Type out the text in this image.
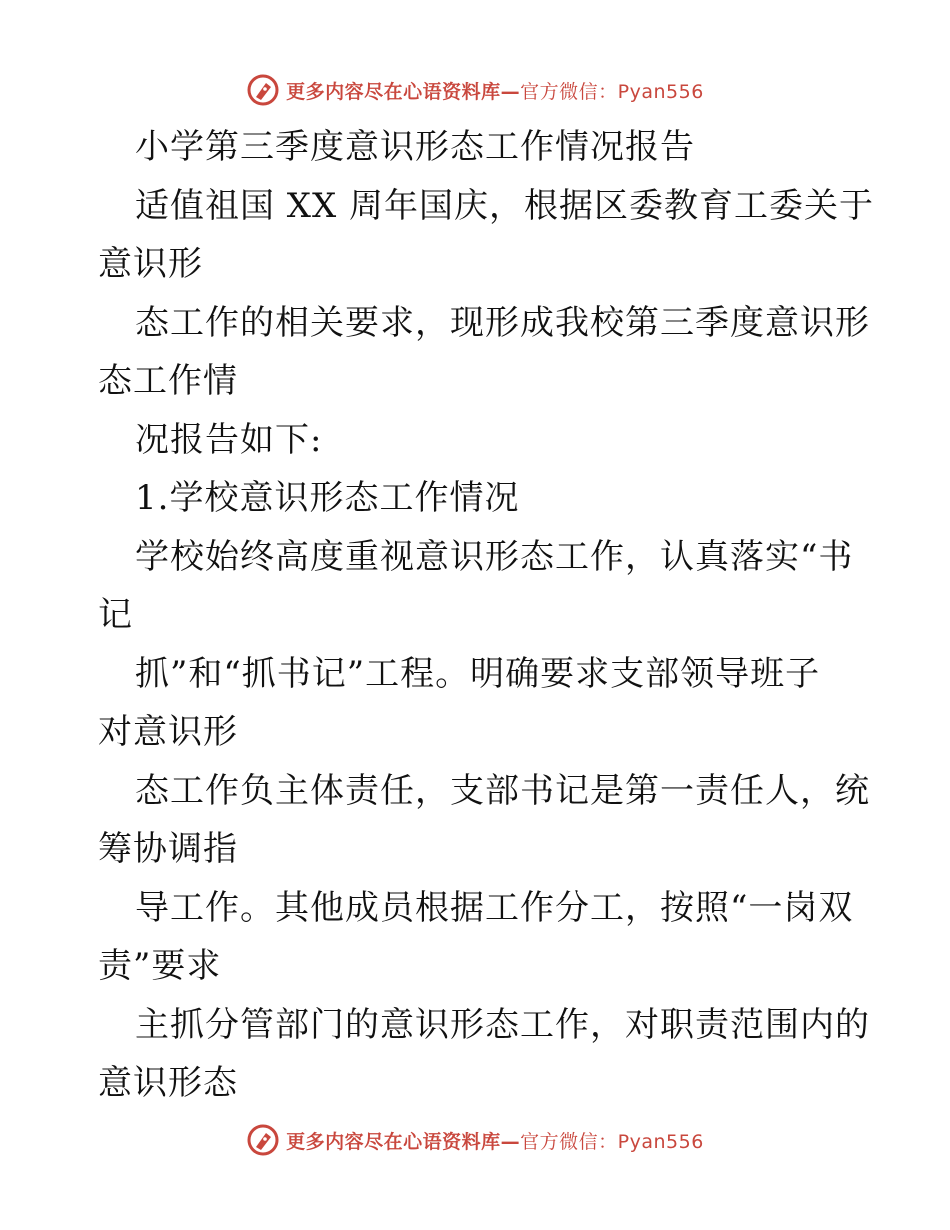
更多内容尽在心语资料库—官方微信：Pyan556
小学第三季度意识形态工作情况报告
适值祖国 XX 周年国庆，根据区委教育工委关于
意识形
态工作的相关要求，现形成我校第三季度意识形
态工作情
况报告如下:
1.学校意识形态工作情况
学校始终高度重视意识形态工作，认真落实“书
记
抓”和“抓书记”工程。明确要求支部领导班子
对意识形
态工作负主体责任，支部书记是第一责任人，统
筹协调指
导工作。其他成员根据工作分工，按照“一岗双
责”要求
主抓分管部门的意识形态工作，对职责范围内的
意识形态
更多内容尽在心语资料库—官方微信：Pyan556
